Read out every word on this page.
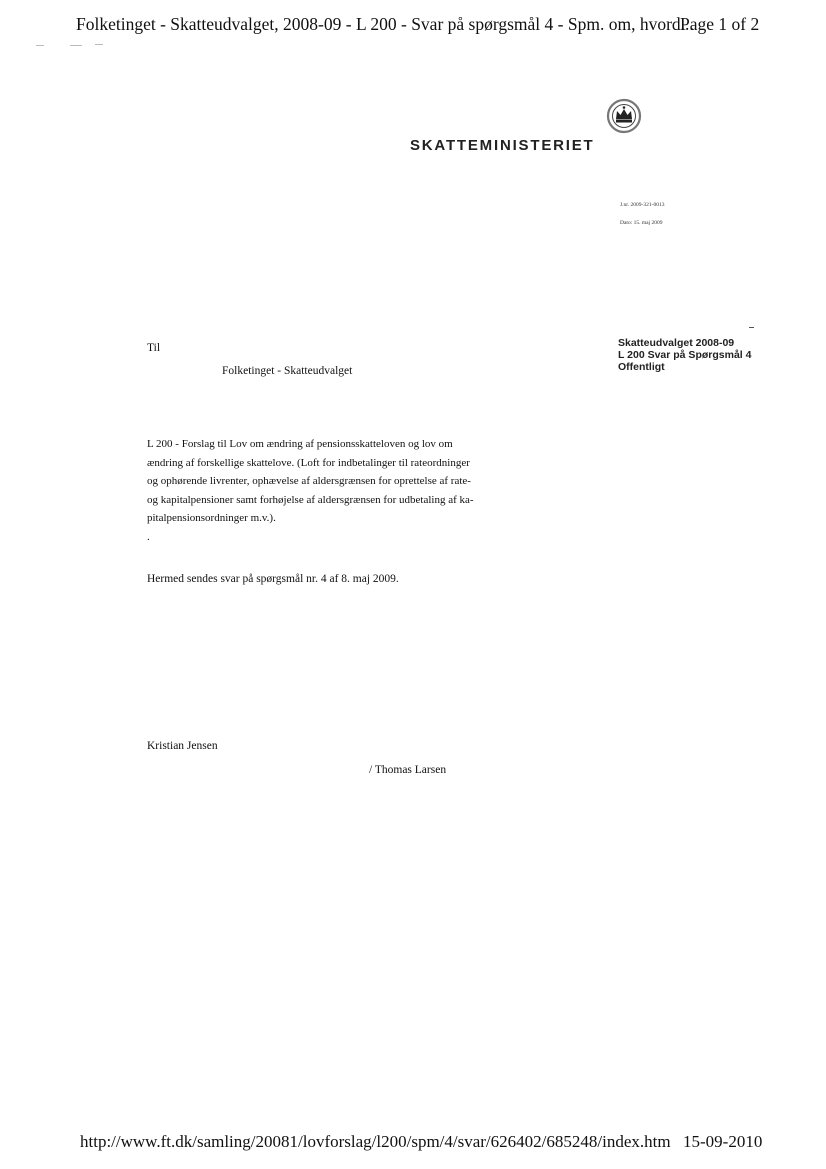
Folketinget - Skatteudvalget, 2008-09 - L 200 - Svar på spørgsmål 4 - Spm. om, hvord...
Page 1 of 2
SKATTEMINISTERIET
J.nr. 2009-321-0013
Dato: 15. maj 2009
Skatteudvalget 2008-09
L 200 Svar på Spørgsmål 4
Offentligt
Til
Folketinget - Skatteudvalget
L 200 - Forslag til Lov om ændring af pensionsskatteloven og lov om
ændring af forskellige skattelove. (Loft for indbetalinger til rateordninger
og ophørende livrenter, ophævelse af aldersgrænsen for oprettelse af rate-
og kapitalpensioner samt forhøjelse af aldersgrænsen for udbetaling af ka-
pitalpensionsordninger m.v.).
.
Hermed sendes svar på spørgsmål nr. 4 af 8. maj 2009.
Kristian Jensen
/ Thomas Larsen
http://www.ft.dk/samling/20081/lovforslag/l200/spm/4/svar/626402/685248/index.htm 15-09-2010
